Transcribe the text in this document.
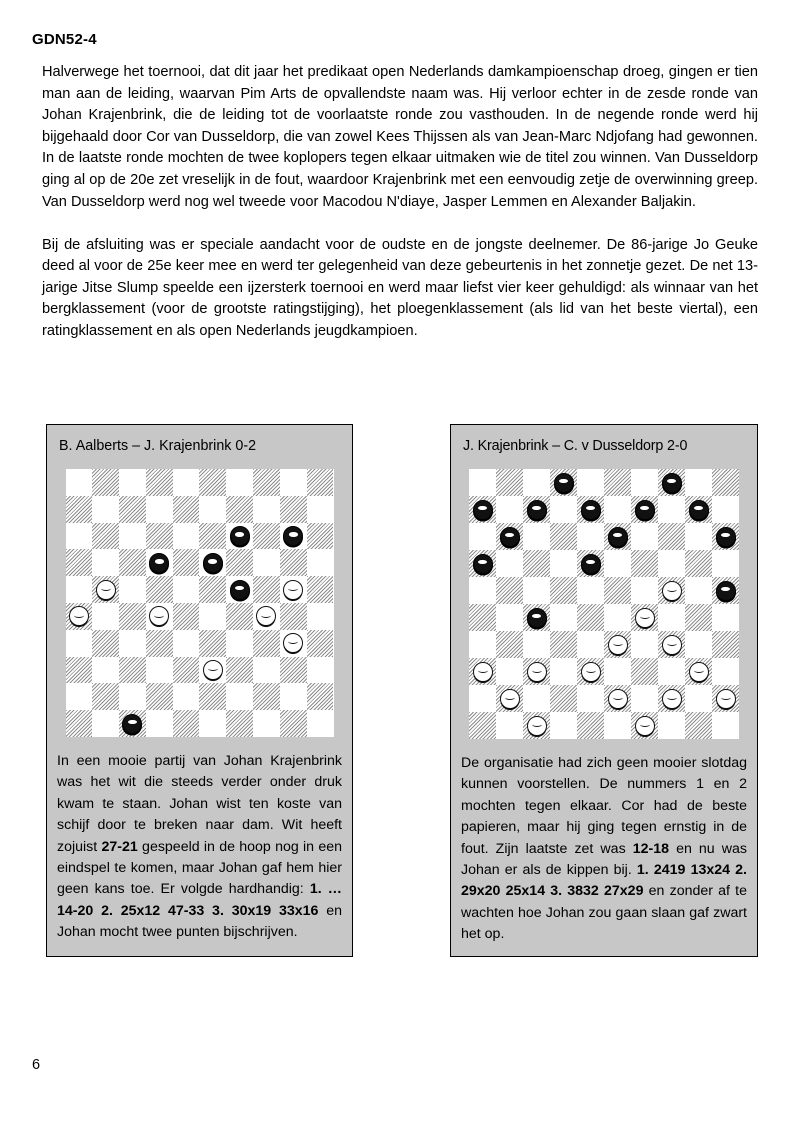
GDN52-4

Halverwege het toernooi, dat dit jaar het predikaat open Nederlands damkampioenschap droeg, gingen er tien man aan de leiding, waarvan Pim Arts de opvallendste naam was. Hij verloor echter in de zesde ronde van Johan Krajenbrink, die de leiding tot de voorlaatste ronde zou vasthouden. In de negende ronde werd hij bijgehaald door Cor van Dusseldorp, die van zowel Kees Thijssen als van Jean-Marc Ndjofang had gewonnen. In de laatste ronde mochten de twee koplopers tegen elkaar uitmaken wie de titel zou winnen. Van Dusseldorp ging al op de 20e zet vreselijk in de fout, waardoor Krajenbrink met een eenvoudig zetje de overwinning greep. Van Dusseldorp werd nog wel tweede voor Macodou N'diaye, Jasper Lemmen en Alexander Baljakin.

Bij de afsluiting was er speciale aandacht voor de oudste en de jongste deelnemer. De 86-jarige Jo Geuke deed al voor de 25e keer mee en werd ter gelegenheid van deze gebeurtenis in het zonnetje gezet. De net 13-jarige Jitse Slump speelde een ijzersterk toernooi en werd maar liefst vier keer gehuldigd: als winnaar van het bergklassement (voor de grootste ratingstijging), het ploegenklassement (als lid van het beste viertal), een ratingklassement en als open Nederlands jeugdkampioen.

B. Aalberts – J. Krajenbrink 0-2
In een mooie partij van Johan Krajenbrink was het wit die steeds verder onder druk kwam te staan. Johan wist ten koste van schijf door te breken naar dam. Wit heeft zojuist 27-21 gespeeld in de hoop nog in een eindspel te komen, maar Johan gaf hem hier geen kans toe. Er volgde hardhandig: 1. … 14-20 2. 25x12 47-33 3. 30x19 33x16 en Johan mocht twee punten bijschrijven.
J. Krajenbrink – C. v Dusseldorp 2-0
De organisatie had zich geen mooier slotdag kunnen voorstellen. De nummers 1 en 2 mochten tegen elkaar. Cor had de beste papieren, maar hij ging tegen ernstig in de fout. Zijn laatste zet was 12-18 en nu was Johan er als de kippen bij. 1. 2419 13x24 2. 29x20 25x14 3. 3832 27x29 en zonder af te wachten hoe Johan zou gaan slaan gaf zwart het op.
6
